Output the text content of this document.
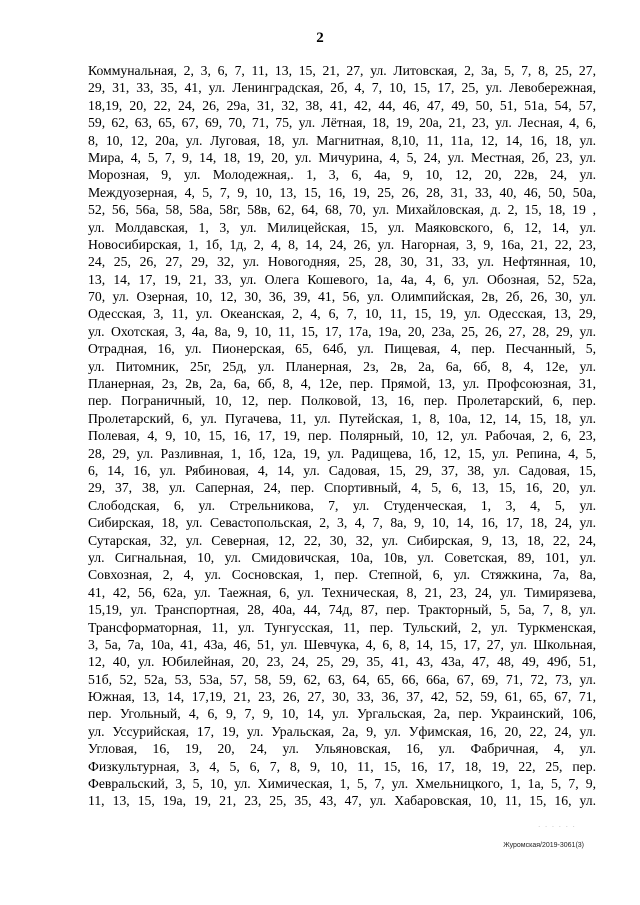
2
Коммунальная, 2, 3, 6, 7, 11, 13, 15, 21, 27, ул. Литовская, 2, 3а, 5, 7, 8, 25, 27,
29, 31, 33, 35, 41, ул. Ленинградская, 2б, 4, 7, 10, 15, 17, 25, ул. Левобережная,
18,19, 20, 22, 24, 26, 29а, 31, 32, 38, 41, 42, 44, 46, 47, 49, 50, 51, 51а, 54, 57,
59, 62, 63, 65, 67, 69, 70, 71, 75, ул. Лётная, 18, 19, 20а, 21, 23, ул. Лесная, 4, 6,
8, 10, 12, 20а, ул. Луговая, 18, ул. Магнитная, 8,10, 11, 11а, 12, 14, 16, 18, ул.
Мира, 4, 5, 7, 9, 14, 18, 19, 20, ул. Мичурина, 4, 5, 24, ул. Местная, 2б, 23, ул.
Морозная, 9, ул. Молодежная,. 1, 3, 6, 4а, 9, 10, 12, 20, 22в, 24, ул.
Междуозерная, 4, 5, 7, 9, 10, 13, 15, 16, 19, 25, 26, 28, 31, 33, 40, 46, 50, 50а,
52, 56, 56а, 58, 58а, 58г, 58в, 62, 64, 68, 70, ул. Михайловская, д. 2, 15, 18, 19 ,
ул. Молдавская, 1, 3, ул. Милицейская, 15, ул. Маяковского, 6, 12, 14, ул.
Новосибирская, 1, 1б, 1д, 2, 4, 8, 14, 24, 26, ул. Нагорная, 3, 9, 16а, 21, 22, 23,
24, 25, 26, 27, 29, 32, ул. Новогодняя, 25, 28, 30, 31, 33, ул. Нефтянная, 10,
13, 14, 17, 19, 21, 33, ул. Олега Кошевого, 1а, 4а, 4, 6, ул. Обозная, 52, 52а,
70, ул. Озерная, 10, 12, 30, 36, 39, 41, 56, ул. Олимпийская, 2в, 2б, 26, 30, ул.
Одесская, 3, 11, ул. Океанская, 2, 4, 6, 7, 10, 11, 15, 19, ул. Одесская, 13, 29,
ул. Охотская, 3, 4а, 8а, 9, 10, 11, 15, 17, 17а, 19а, 20, 23а, 25, 26, 27, 28, 29, ул.
Отрадная, 16, ул. Пионерская, 65, 64б, ул. Пищевая, 4, пер. Песчанный, 5,
ул. Питомник, 25г, 25д, ул. Планерная, 2з, 2в, 2а, 6а, 6б, 8, 4, 12е, ул.
Планерная, 2з, 2в, 2а, 6а, 6б, 8, 4, 12е, пер. Прямой, 13, ул. Профсоюзная, 31,
пер. Пограничный, 10, 12, пер. Полковой, 13, 16, пер. Пролетарский, 6, пер.
Пролетарский, 6, ул. Пугачева, 11, ул. Путейская, 1, 8, 10а, 12, 14, 15, 18, ул.
Полевая, 4, 9, 10, 15, 16, 17, 19, пер. Полярный, 10, 12, ул. Рабочая, 2, 6, 23,
28, 29, ул. Разливная, 1, 1б, 12а, 19, ул. Радищева, 1б, 12, 15, ул. Репина, 4, 5,
6, 14, 16, ул. Рябиновая, 4, 14, ул. Садовая, 15, 29, 37, 38, ул. Садовая, 15,
29, 37, 38, ул. Саперная, 24, пер. Спортивный, 4, 5, 6, 13, 15, 16, 20, ул.
Слободская, 6, ул. Стрельникова, 7, ул. Студенческая, 1, 3, 4, 5, ул.
Сибирская, 18, ул. Севастопольская, 2, 3, 4, 7, 8а, 9, 10, 14, 16, 17, 18, 24, ул.
Сутарская, 32, ул. Северная, 12, 22, 30, 32, ул. Сибирская, 9, 13, 18, 22, 24,
ул. Сигнальная, 10, ул. Смидовичская, 10а, 10в, ул. Советская, 89, 101, ул.
Совхозная, 2, 4, ул. Сосновская, 1, пер. Степной, 6, ул. Стяжкина, 7а, 8а,
41, 42, 56, 62а, ул. Таежная, 6, ул. Техническая, 8, 21, 23, 24, ул. Тимирязева,
15,19, ул. Транспортная, 28, 40а, 44, 74д, 87, пер. Тракторный, 5, 5а, 7, 8, ул.
Трансформаторная, 11, ул. Тунгусская, 11, пер. Тульский, 2, ул. Туркменская,
3, 5а, 7а, 10а, 41, 43а, 46, 51, ул. Шевчука, 4, 6, 8, 14, 15, 17, 27, ул. Школьная,
12, 40, ул. Юбилейная, 20, 23, 24, 25, 29, 35, 41, 43, 43а, 47, 48, 49, 49б, 51,
51б, 52, 52а, 53, 53а, 57, 58, 59, 62, 63, 64, 65, 66, 66а, 67, 69, 71, 72, 73, ул.
Южная, 13, 14, 17,19, 21, 23, 26, 27, 30, 33, 36, 37, 42, 52, 59, 61, 65, 67, 71,
пер. Угольный, 4, 6, 9, 7, 9, 10, 14, ул. Ургальская, 2а, пер. Украинский, 106,
ул. Уссурийская, 17, 19, ул. Уральская, 2а, 9, ул. Уфимская, 16, 20, 22, 24, ул.
Угловая, 16, 19, 20, 24, ул. Ульяновская, 16, ул. Фабричная, 4, ул.
Физкультурная, 3, 4, 5, 6, 7, 8, 9, 10, 11, 15, 16, 17, 18, 19, 22, 25, пер.
Февральский, 3, 5, 10, ул. Химическая, 1, 5, 7, ул. Хмельницкого, 1, 1а, 5, 7, 9,
11, 13, 15, 19а, 19, 21, 23, 25, 35, 43, 47, ул. Хабаровская, 10, 11, 15, 16, ул.
· · · · · ·
Журомская/2019-3061(3)
